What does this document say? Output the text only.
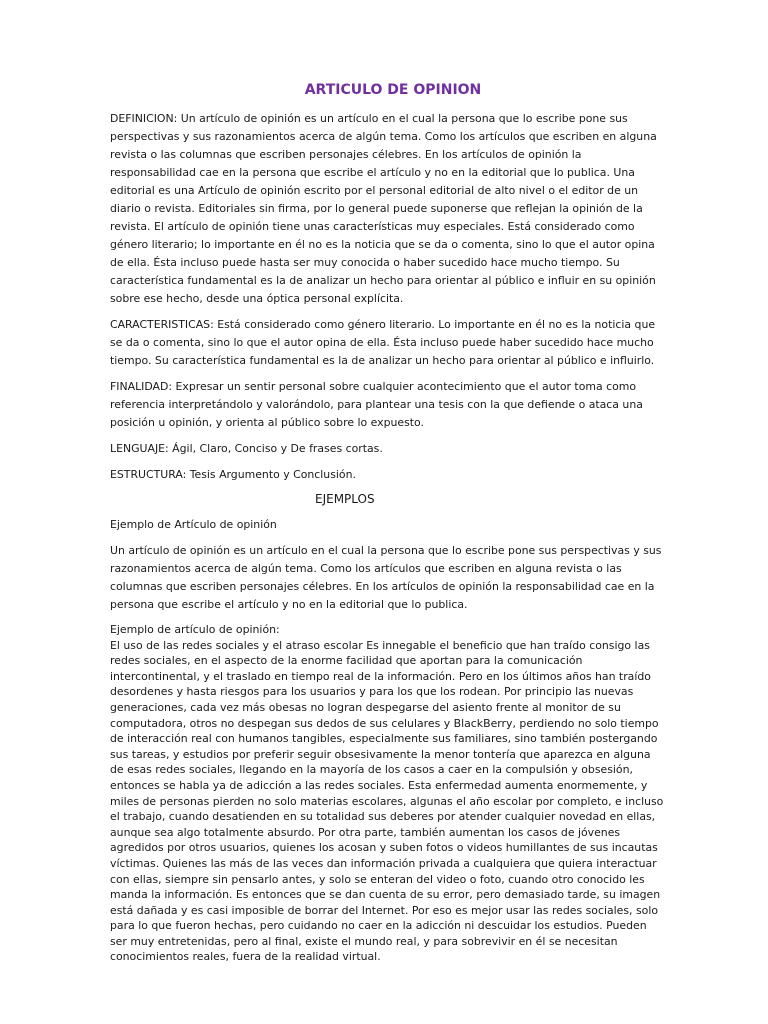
ARTICULO DE OPINION

DEFINICION: Un artículo de opinión es un artículo en el cual la persona que lo escribe pone sus perspectivas y sus razonamientos acerca de algún tema. Como los artículos que escriben en alguna revista o las columnas que escriben personajes célebres. En los artículos de opinión la responsabilidad cae en la persona que escribe el artículo y no en la editorial que lo publica. Una editorial es una Artículo de opinión escrito por el personal editorial de alto nivel o el editor de un diario o revista. Editoriales sin firma, por lo general puede suponerse que reflejan la opinión de la revista. El artículo de opinión tiene unas características muy especiales. Está considerado como género literario; lo importante en él no es la noticia que se da o comenta, sino lo que el autor opina de ella. Ésta incluso puede hasta ser muy conocida o haber sucedido hace mucho tiempo. Su característica fundamental es la de analizar un hecho para orientar al público e influir en su opinión sobre ese hecho, desde una óptica personal explícita.

CARACTERISTICAS: Está considerado como género literario. Lo importante en él no es la noticia que se da o comenta, sino lo que el autor opina de ella. Ésta incluso puede haber sucedido hace mucho tiempo. Su característica fundamental es la de analizar un hecho para orientar al público e influirlo.

FINALIDAD: Expresar un sentir personal sobre cualquier acontecimiento que el autor toma como referencia interpretándolo y valorándolo, para plantear una tesis con la que defiende o ataca una posición u opinión, y orienta al público sobre lo expuesto.

LENGUAJE: Ágil, Claro, Conciso y De frases cortas.

ESTRUCTURA: Tesis Argumento y Conclusión.

EJEMPLOS

Ejemplo de Artículo de opinión

Un artículo de opinión es un artículo en el cual la persona que lo escribe pone sus perspectivas y sus razonamientos acerca de algún tema. Como los artículos que escriben en alguna revista o las columnas que escriben personajes célebres. En los artículos de opinión la responsabilidad cae en la persona que escribe el artículo y no en la editorial que lo publica.

Ejemplo de artículo de opinión:

El uso de las redes sociales y el atraso escolar Es innegable el beneficio que han traído consigo las redes sociales, en el aspecto de la enorme facilidad que aportan para la comunicación intercontinental, y el traslado en tiempo real de la información. Pero en los últimos años han traído desordenes y hasta riesgos para los usuarios y para los que los rodean. Por principio las nuevas generaciones, cada vez más obesas no logran despegarse del asiento frente al monitor de su computadora, otros no despegan sus dedos de sus celulares y BlackBerry, perdiendo no solo tiempo de interacción real con humanos tangibles, especialmente sus familiares, sino también postergando sus tareas, y estudios por preferir seguir obsesivamente la menor tontería que aparezca en alguna de esas redes sociales, llegando en la mayoría de los casos a caer en la compulsión y obsesión, entonces se habla ya de adicción a las redes sociales. Esta enfermedad aumenta enormemente, y miles de personas pierden no solo materias escolares, algunas el año escolar por completo, e incluso el trabajo, cuando desatienden en su totalidad sus deberes por atender cualquier novedad en ellas, aunque sea algo totalmente absurdo. Por otra parte, también aumentan los casos de jóvenes agredidos por otros usuarios, quienes los acosan y suben fotos o videos humillantes de sus incautas víctimas. Quienes las más de las veces dan información privada a cualquiera que quiera interactuar con ellas, siempre sin pensarlo antes, y solo se enteran del video o foto, cuando otro conocido les manda la información. Es entonces que se dan cuenta de su error, pero demasiado tarde, su imagen está dañada y es casi imposible de borrar del Internet. Por eso es mejor usar las redes sociales, solo para lo que fueron hechas, pero cuidando no caer en la adicción ni descuidar los estudios. Pueden ser muy entretenidas, pero al final, existe el mundo real, y para sobrevivir en él se necesitan conocimientos reales, fuera de la realidad virtual.
